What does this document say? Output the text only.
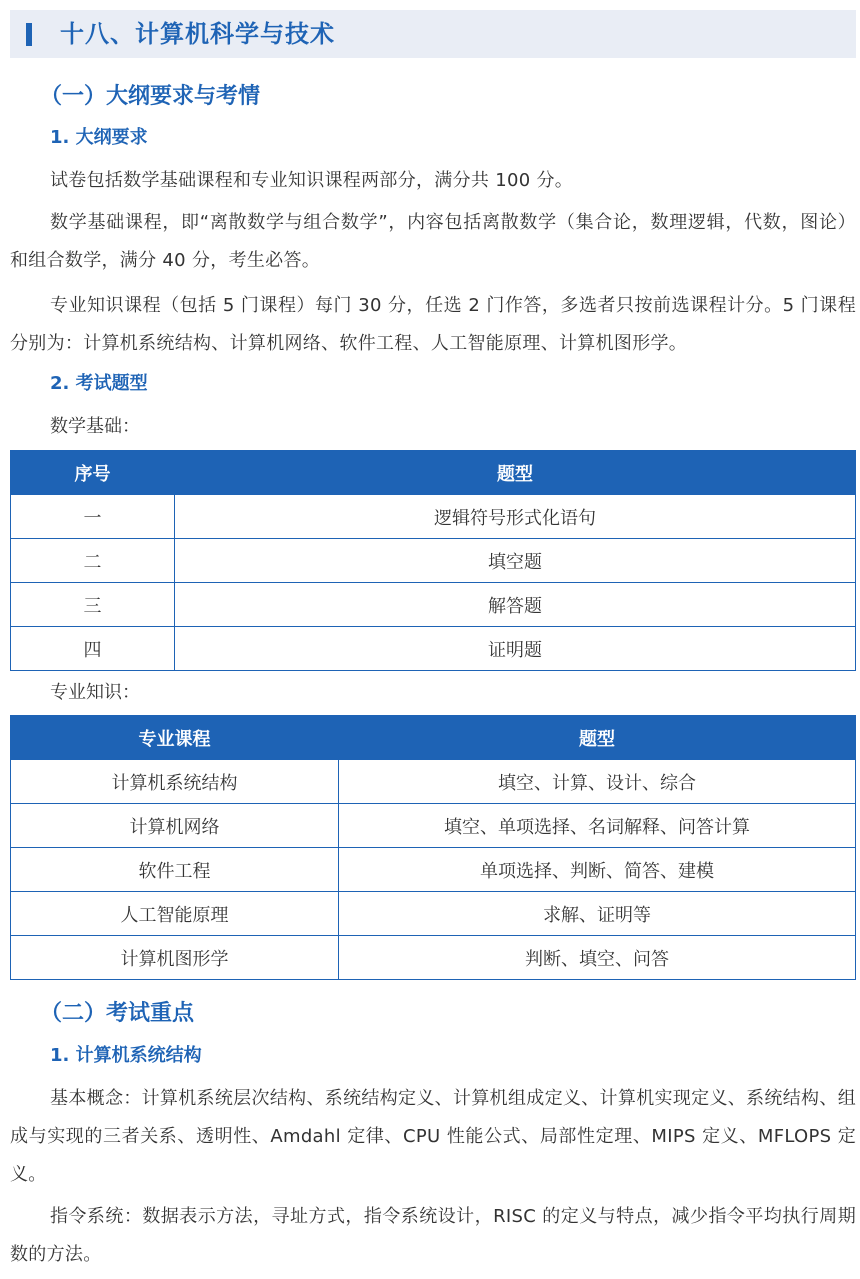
十八、计算机科学与技术
（一）大纲要求与考情
1. 大纲要求
试卷包括数学基础课程和专业知识课程两部分，满分共 100 分。
数学基础课程，即“离散数学与组合数学”，内容包括离散数学（集合论，数理逻辑，代数，图论）和组合数学，满分 40 分，考生必答。
专业知识课程（包括 5 门课程）每门 30 分，任选 2 门作答，多选者只按前选课程计分。5 门课程分别为：计算机系统结构、计算机网络、软件工程、人工智能原理、计算机图形学。
2. 考试题型
数学基础：
序号	题型
一	逻辑符号形式化语句
二	填空题
三	解答题
四	证明题
专业知识：
专业课程	题型
计算机系统结构	填空、计算、设计、综合
计算机网络	填空、单项选择、名词解释、问答计算
软件工程	单项选择、判断、简答、建模
人工智能原理	求解、证明等
计算机图形学	判断、填空、问答
（二）考试重点
1. 计算机系统结构
基本概念：计算机系统层次结构、系统结构定义、计算机组成定义、计算机实现定义、系统结构、组成与实现的三者关系、透明性、Amdahl 定律、CPU 性能公式、局部性定理、MIPS 定义、MFLOPS 定义。
指令系统：数据表示方法，寻址方式，指令系统设计，RISC 的定义与特点，减少指令平均执行周期数的方法。
